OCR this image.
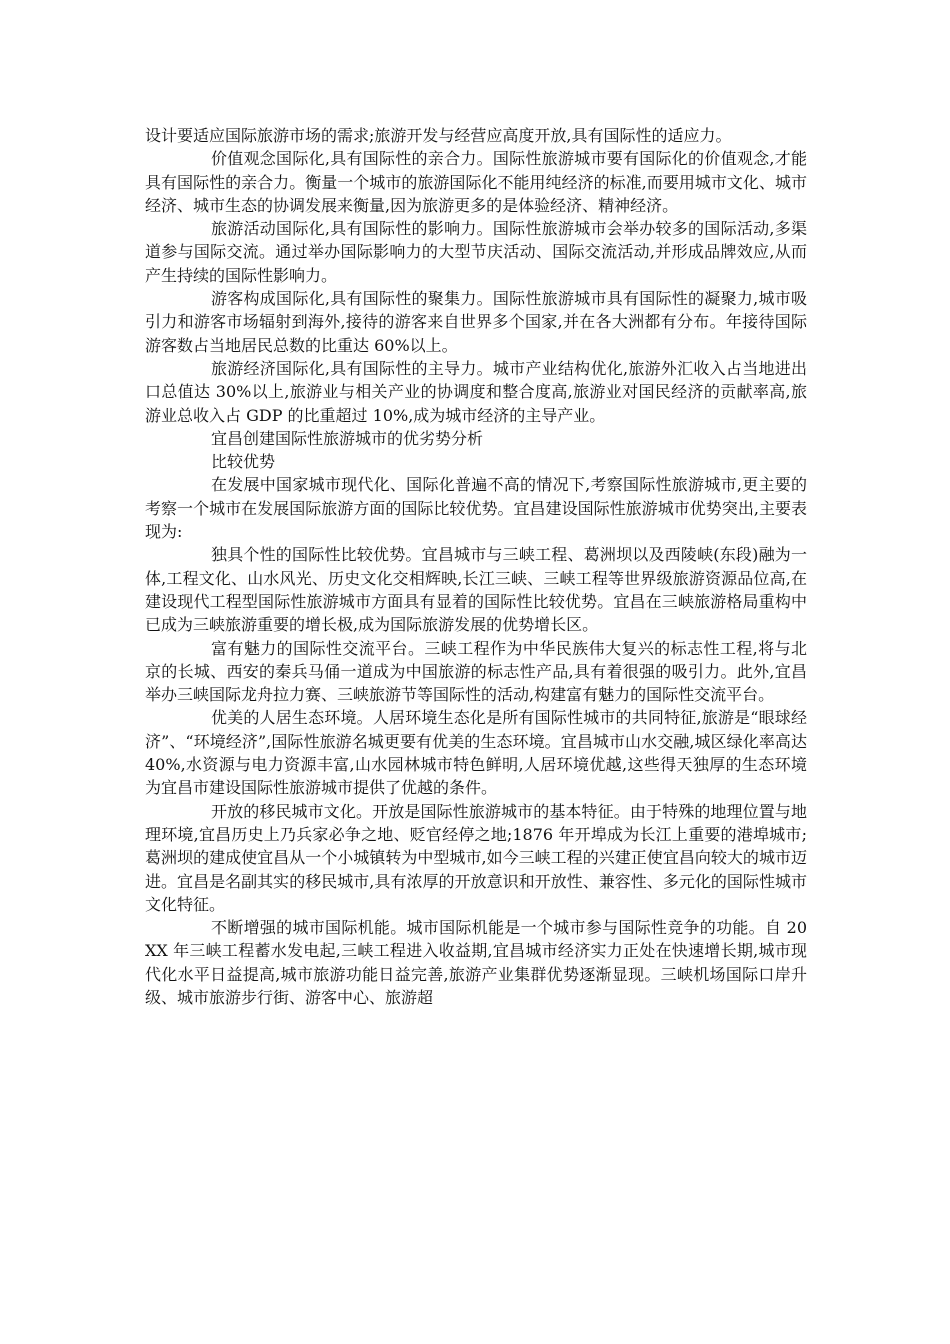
设计要适应国际旅游市场的需求;旅游开发与经营应高度开放,具有国际性的适应力。

价值观念国际化,具有国际性的亲合力。国际性旅游城市要有国际化的价值观念,才能具有国际性的亲合力。衡量一个城市的旅游国际化不能用纯经济的标准,而要用城市文化、城市经济、城市生态的协调发展来衡量,因为旅游更多的是体验经济、精神经济。

旅游活动国际化,具有国际性的影响力。国际性旅游城市会举办较多的国际活动,多渠道参与国际交流。通过举办国际影响力的大型节庆活动、国际交流活动,并形成品牌效应,从而产生持续的国际性影响力。

游客构成国际化,具有国际性的聚集力。国际性旅游城市具有国际性的凝聚力,城市吸引力和游客市场辐射到海外,接待的游客来自世界多个国家,并在各大洲都有分布。年接待国际游客数占当地居民总数的比重达 60%以上。

旅游经济国际化,具有国际性的主导力。城市产业结构优化,旅游外汇收入占当地进出口总值达 30%以上,旅游业与相关产业的协调度和整合度高,旅游业对国民经济的贡献率高,旅游业总收入占 GDP 的比重超过 10%,成为城市经济的主导产业。

宜昌创建国际性旅游城市的优劣势分析

比较优势

在发展中国家城市现代化、国际化普遍不高的情况下,考察国际性旅游城市,更主要的考察一个城市在发展国际旅游方面的国际比较优势。宜昌建设国际性旅游城市优势突出,主要表现为:

独具个性的国际性比较优势。宜昌城市与三峡工程、葛洲坝以及西陵峡(东段)融为一体,工程文化、山水风光、历史文化交相辉映,长江三峡、三峡工程等世界级旅游资源品位高,在建设现代工程型国际性旅游城市方面具有显着的国际性比较优势。宜昌在三峡旅游格局重构中已成为三峡旅游重要的增长极,成为国际旅游发展的优势增长区。

富有魅力的国际性交流平台。三峡工程作为中华民族伟大复兴的标志性工程,将与北京的长城、西安的秦兵马俑一道成为中国旅游的标志性产品,具有着很强的吸引力。此外,宜昌举办三峡国际龙舟拉力赛、三峡旅游节等国际性的活动,构建富有魅力的国际性交流平台。

优美的人居生态环境。人居环境生态化是所有国际性城市的共同特征,旅游是“眼球经济”、“环境经济”,国际性旅游名城更要有优美的生态环境。宜昌城市山水交融,城区绿化率高达 40%,水资源与电力资源丰富,山水园林城市特色鲜明,人居环境优越,这些得天独厚的生态环境为宜昌市建设国际性旅游城市提供了优越的条件。

开放的移民城市文化。开放是国际性旅游城市的基本特征。由于特殊的地理位置与地理环境,宜昌历史上乃兵家必争之地、贬官经停之地;1876 年开埠成为长江上重要的港埠城市;葛洲坝的建成使宜昌从一个小城镇转为中型城市,如今三峡工程的兴建正使宜昌向较大的城市迈进。宜昌是名副其实的移民城市,具有浓厚的开放意识和开放性、兼容性、多元化的国际性城市文化特征。

不断增强的城市国际机能。城市国际机能是一个城市参与国际性竞争的功能。自 20XX 年三峡工程蓄水发电起,三峡工程进入收益期,宜昌城市经济实力正处在快速增长期,城市现代化水平日益提高,城市旅游功能日益完善,旅游产业集群优势逐渐显现。三峡机场国际口岸升级、城市旅游步行街、游客中心、旅游超
